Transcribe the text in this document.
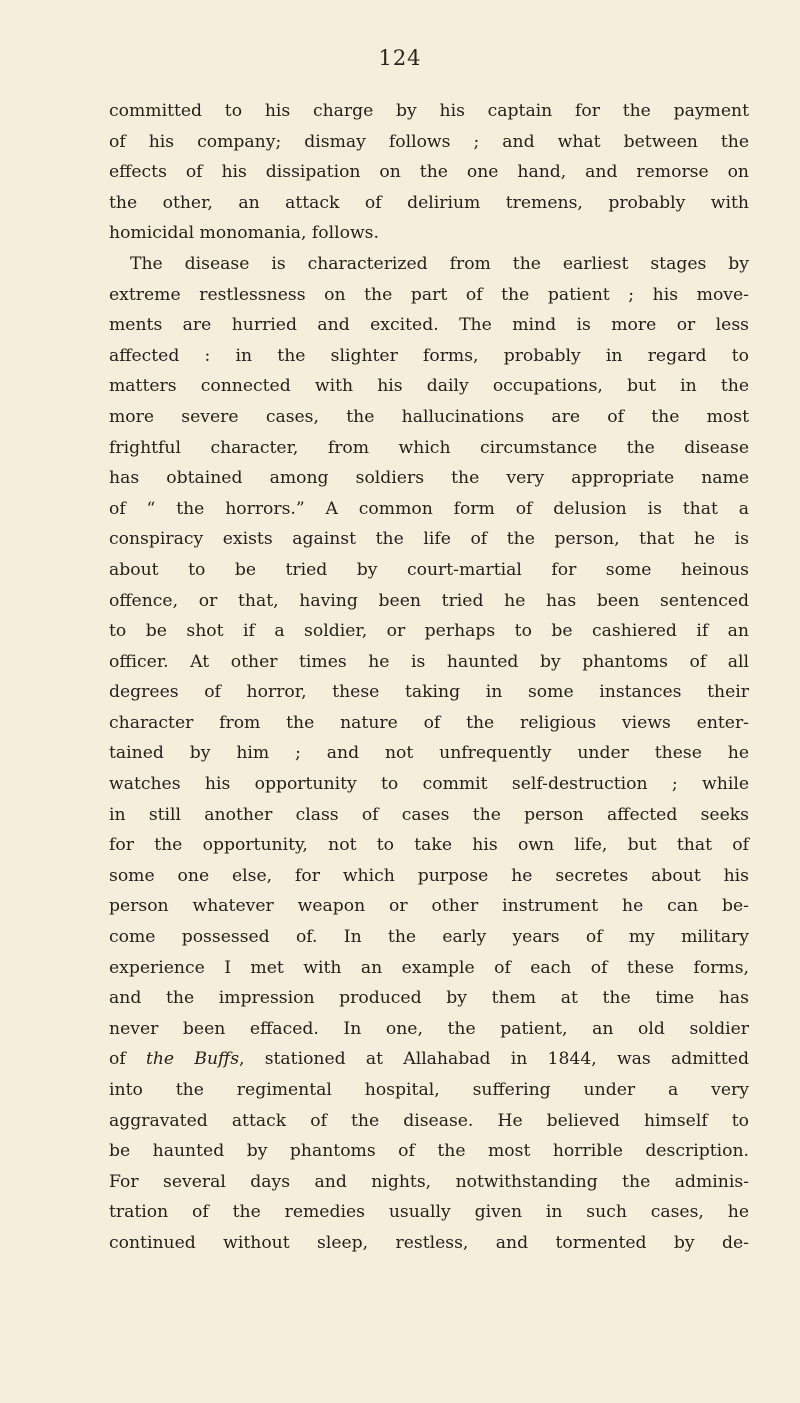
124
committed to his charge by his captain for the payment
of his company; dismay follows ; and what between the
effects of his dissipation on the one hand, and remorse on
the other, an attack of delirium tremens, probably with
homicidal monomania, follows.
The disease is characterized from the earliest stages by
extreme restlessness on the part of the patient ; his move-
ments are hurried and excited. The mind is more or less
affected : in the slighter forms, probably in regard to
matters connected with his daily occupations, but in the
more severe cases, the hallucinations are of the most
frightful character, from which circumstance the disease
has obtained among soldiers the very appropriate name
of “ the horrors.” A common form of delusion is that a
conspiracy exists against the life of the person, that he is
about to be tried by court-martial for some heinous
offence, or that, having been tried he has been sentenced
to be shot if a soldier, or perhaps to be cashiered if an
officer. At other times he is haunted by phantoms of all
degrees of horror, these taking in some instances their
character from the nature of the religious views enter-
tained by him ; and not unfrequently under these he
watches his opportunity to commit self-destruction ; while
in still another class of cases the person affected seeks
for the opportunity, not to take his own life, but that of
some one else, for which purpose he secretes about his
person whatever weapon or other instrument he can be-
come possessed of. In the early years of my military
experience I met with an example of each of these forms,
and the impression produced by them at the time has
never been effaced. In one, the patient, an old soldier
of the Buffs, stationed at Allahabad in 1844, was admitted
into the regimental hospital, suffering under a very
aggravated attack of the disease. He believed himself to
be haunted by phantoms of the most horrible description.
For several days and nights, notwithstanding the adminis-
tration of the remedies usually given in such cases, he
continued without sleep, restless, and tormented by de-
